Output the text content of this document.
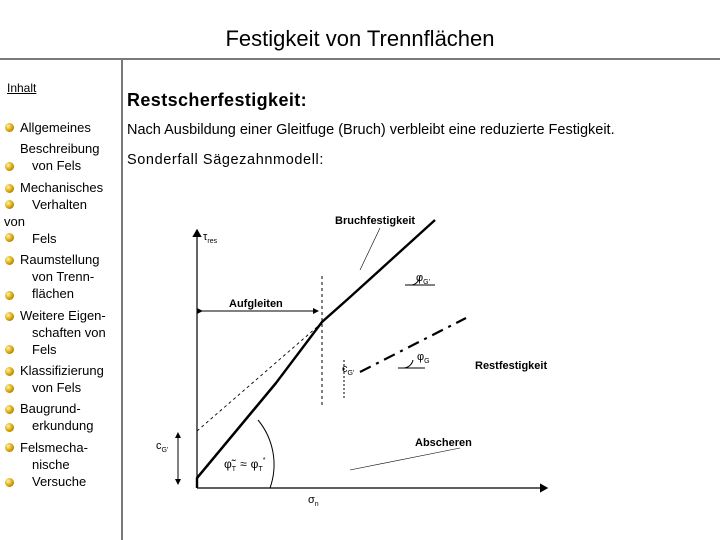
Festigkeit von Trennflächen
Inhalt
Allgemeines
Beschreibung
von Fels
Mechanisches
Verhalten
von
Fels
Raumstellung
von Trenn-
flächen
Weitere Eigen-
schaften von
Fels
Klassifizierung
von Fels
Baugrund-
erkundung
Felsmecha-
nische
Versuche
Restscherfestigkeit:
Nach Ausbildung einer Gleitfuge (Bruch) verbleibt eine reduzierte Festigkeit.
Sonderfall Sägezahnmodell:
Bruchfestigkeit
$\tau_{res}$
$\varphi_{G'}$
Aufgleiten
$\varphi_G$	Restfestigkeit
$c_{G'}$
$c_{G'}$
Abscheren
$\varphĩ_T \approx \varphi_T^*$
$\sigma_n$
